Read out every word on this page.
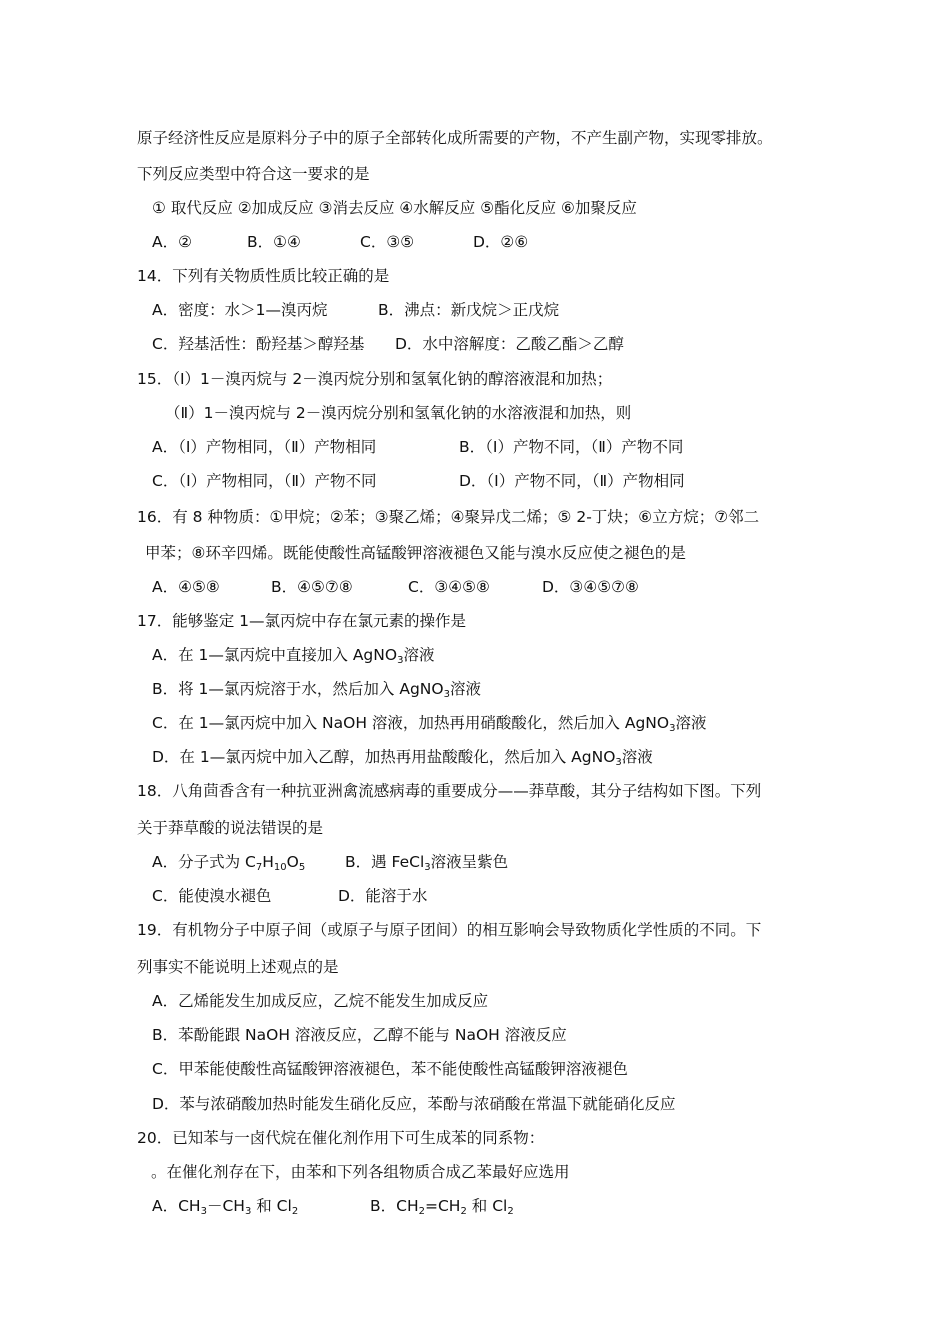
原子经济性反应是原料分子中的原子全部转化成所需要的产物，不产生副产物，实现零排放。
下列反应类型中符合这一要求的是
① 取代反应 ②加成反应 ③消去反应 ④水解反应 ⑤酯化反应 ⑥加聚反应
A．②	B．①④	C．③⑤	D．②⑥
14．下列有关物质性质比较正确的是
A．密度：水＞1—溴丙烷	B．沸点：新戊烷＞正戊烷
C．羟基活性：酚羟基＞醇羟基 D．水中溶解度：乙酸乙酯＞乙醇
15．（Ⅰ）1－溴丙烷与 2－溴丙烷分别和氢氧化钠的醇溶液混和加热；
（Ⅱ）1－溴丙烷与 2－溴丙烷分别和氢氧化钠的水溶液混和加热，则
A．（Ⅰ）产物相同，（Ⅱ）产物相同	B．（Ⅰ）产物不同，（Ⅱ）产物不同
C．（Ⅰ）产物相同，（Ⅱ）产物不同	D．（Ⅰ）产物不同，（Ⅱ）产物相同
16．有 8 种物质：①甲烷；②苯；③聚乙烯；④聚异戊二烯；⑤ 2-丁炔；⑥立方烷；⑦邻二
甲苯；⑧环辛四烯。既能使酸性高锰酸钾溶液褪色又能与溴水反应使之褪色的是
A．④⑤⑧	B．④⑤⑦⑧	C．③④⑤⑧	D．③④⑤⑦⑧
17．能够鉴定 1—氯丙烷中存在氯元素的操作是
A．在 1—氯丙烷中直接加入 AgNO$_3$溶液
B．将 1—氯丙烷溶于水，然后加入 AgNO$_3$溶液
C．在 1—氯丙烷中加入 NaOH 溶液，加热再用硝酸酸化，然后加入 AgNO$_3$溶液
D．在 1—氯丙烷中加入乙醇，加热再用盐酸酸化，然后加入 AgNO$_3$溶液
18．八角茴香含有一种抗亚洲禽流感病毒的重要成分——莽草酸，其分子结构如下图。下列
关于莽草酸的说法错误的是
A．分子式为 $C_7H_{10}O_5$	B．遇 FeCl$_3$溶液呈紫色
C．能使溴水褪色	D．能溶于水
19．有机物分子中原子间（或原子与原子团间）的相互影响会导致物质化学性质的不同。下
列事实不能说明上述观点的是
A．乙烯能发生加成反应，乙烷不能发生加成反应
B．苯酚能跟 NaOH 溶液反应，乙醇不能与 NaOH 溶液反应
C．甲苯能使酸性高锰酸钾溶液褪色，苯不能使酸性高锰酸钾溶液褪色
D．苯与浓硝酸加热时能发生硝化反应，苯酚与浓硝酸在常温下就能硝化反应
20．已知苯与一卤代烷在催化剂作用下可生成苯的同系物：
。在催化剂存在下，由苯和下列各组物质合成乙苯最好应选用
A．$CH_3-CH_3$ 和 $Cl_2$	B．$CH_2=CH_2$ 和 $Cl_2$
